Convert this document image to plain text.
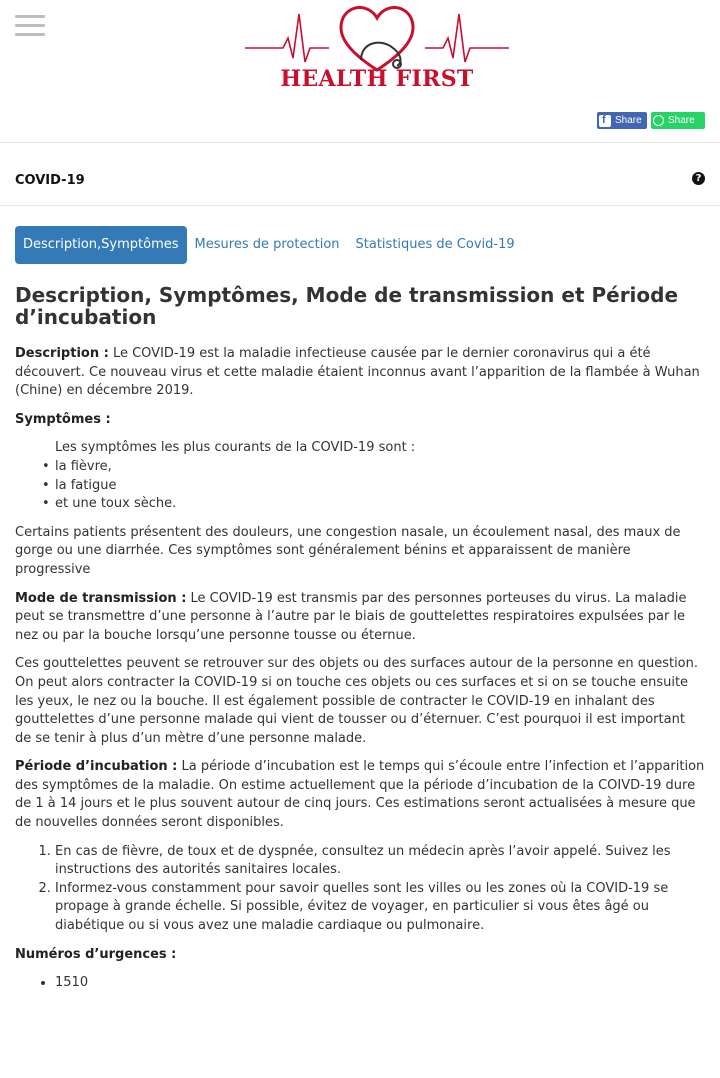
HEALTH FIRST
f
Share	Share
COVID-19	?
Description,Symptômes	Mesures de protection	Statistiques de Covid-19
Description, Symptômes, Mode de transmission et Période d’incubation

Description : Le COVID-19 est la maladie infectieuse causée par le dernier coronavirus qui a été découvert. Ce nouveau virus et cette maladie étaient inconnus avant l’apparition de la flambée à Wuhan (Chine) en décembre 2019.

Symptômes :

Les symptômes les plus courants de la COVID-19 sont :
• la fièvre,
• la fatigue
• et une toux sèche.

Certains patients présentent des douleurs, une congestion nasale, un écoulement nasal, des maux de gorge ou une diarrhée. Ces symptômes sont généralement bénins et apparaissent de manière progressive

Mode de transmission : Le COVID-19 est transmis par des personnes porteuses du virus. La maladie peut se transmettre d’une personne à l’autre par le biais de gouttelettes respiratoires expulsées par le nez ou par la bouche lorsqu’une personne tousse ou éternue.

Ces gouttelettes peuvent se retrouver sur des objets ou des surfaces autour de la personne en question. On peut alors contracter la COVID-19 si on touche ces objets ou ces surfaces et si on se touche ensuite les yeux, le nez ou la bouche. Il est également possible de contracter le COVID-19 en inhalant des gouttelettes d’une personne malade qui vient de tousser ou d’éternuer. C’est pourquoi il est important de se tenir à plus d’un mètre d’une personne malade.

Période d’incubation : La période d’incubation est le temps qui s’écoule entre l’infection et l’apparition des symptômes de la maladie. On estime actuellement que la période d’incubation de la COIVD-19 dure de 1 à 14 jours et le plus souvent autour de cinq jours. Ces estimations seront actualisées à mesure que de nouvelles données seront disponibles.

1. En cas de fièvre, de toux et de dyspnée, consultez un médecin après l’avoir appelé. Suivez les instructions des autorités sanitaires locales.
2. Informez-vous constamment pour savoir quelles sont les villes ou les zones où la COVID-19 se propage à grande échelle. Si possible, évitez de voyager, en particulier si vous êtes âgé ou diabétique ou si vous avez une maladie cardiaque ou pulmonaire.

Numéros d’urgences :

• 1510
